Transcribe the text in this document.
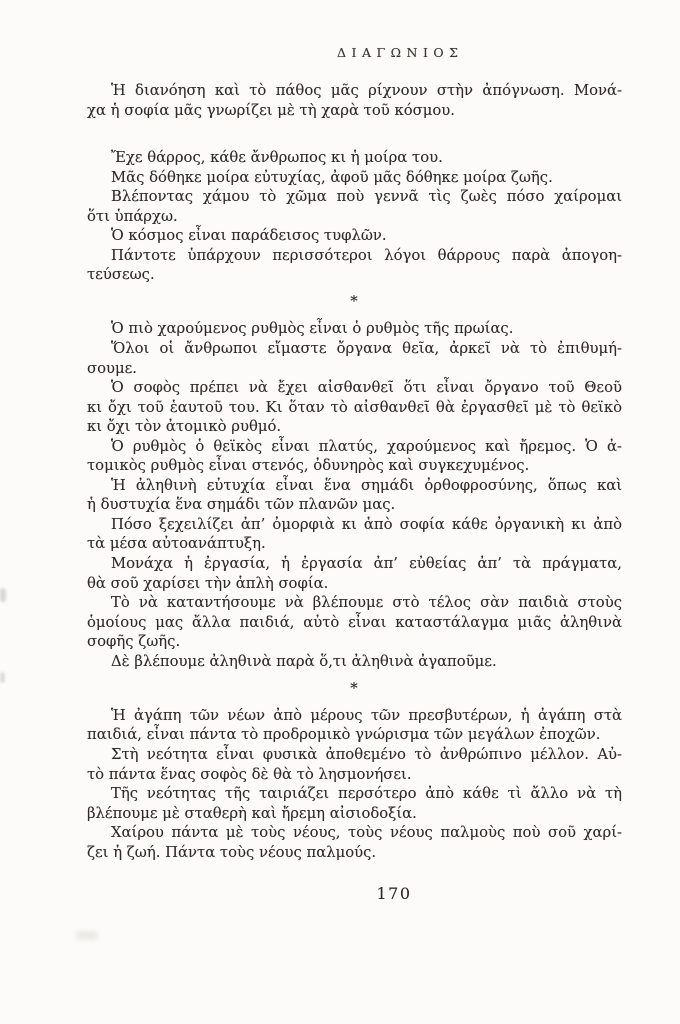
ΔΙΑΓΩΝΙΟΣ
Ἡ διανόηση καὶ τὸ πάθος μᾶς ρίχνουν στὴν ἀπόγνωση. Μονά-
χα ἡ σοφία μᾶς γνωρίζει μὲ τὴ χαρὰ τοῦ κόσμου.
Ἔχε θάρρος, κάθε ἄνθρωπος κι ἡ μοίρα του.
Μᾶς δόθηκε μοίρα εὐτυχίας, ἀφοῦ μᾶς δόθηκε μοίρα ζωῆς.
Βλέποντας χάμου τὸ χῶμα ποὺ γεννᾶ τὶς ζωὲς πόσο χαίρομαι
ὅτι ὑπάρχω.
Ὁ κόσμος εἶναι παράδεισος τυφλῶν.
Πάντοτε ὑπάρχουν περισσότεροι λόγοι θάρρους παρὰ ἀπογοη-
τεύσεως.
*
Ὁ πιὸ χαρούμενος ρυθμὸς εἶναι ὁ ρυθμὸς τῆς πρωίας.
Ὅλοι οἱ ἄνθρωποι εἴμαστε ὄργανα θεῖα, ἀρκεῖ νὰ τὸ ἐπιθυμή-
σουμε.
Ὁ σοφὸς πρέπει νὰ ἔχει αἰσθανθεῖ ὅτι εἶναι ὄργανο τοῦ Θεοῦ
κι ὄχι τοῦ ἑαυτοῦ του. Κι ὅταν τὸ αἰσθανθεῖ θὰ ἐργασθεῖ μὲ τὸ θεϊκὸ
κι ὄχι τὸν ἀτομικὸ ρυθμό.
Ὁ ρυθμὸς ὁ θεϊκὸς εἶναι πλατύς, χαρούμενος καὶ ἤρεμος. Ὁ ἀ-
τομικὸς ρυθμὸς εἶναι στενός, ὀδυνηρὸς καὶ συγκεχυμένος.
Ἡ ἀληθινὴ εὐτυχία εἶναι ἕνα σημάδι ὀρθοφροσύνης, ὅπως καὶ
ἡ δυστυχία ἕνα σημάδι τῶν πλανῶν μας.
Πόσο ξεχειλίζει ἀπ’ ὀμορφιὰ κι ἀπὸ σοφία κάθε ὀργανικὴ κι ἀπὸ
τὰ μέσα αὐτοανάπτυξη.
Μονάχα ἡ ἐργασία, ἡ ἐργασία ἀπ’ εὐθείας ἀπ’ τὰ πράγματα,
θὰ σοῦ χαρίσει τὴν ἁπλὴ σοφία.
Τὸ νὰ καταντήσουμε νὰ βλέπουμε στὸ τέλος σὰν παιδιὰ στοὺς
ὁμοίους μας ἄλλα παιδιά, αὐτὸ εἶναι καταστάλαγμα μιᾶς ἀληθινὰ
σοφῆς ζωῆς.
Δὲ βλέπουμε ἀληθινὰ παρὰ ὅ,τι ἀληθινὰ ἀγαποῦμε.
*
Ἡ ἀγάπη τῶν νέων ἀπὸ μέρους τῶν πρεσβυτέρων, ἡ ἀγάπη στὰ
παιδιά, εἶναι πάντα τὸ προδρομικὸ γνώρισμα τῶν μεγάλων ἐποχῶν.
Στὴ νεότητα εἶναι φυσικὰ ἀποθεμένο τὸ ἀνθρώπινο μέλλον. Αὐ-
τὸ πάντα ἕνας σοφὸς δὲ θὰ τὸ λησμονήσει.
Τῆς νεότητας τῆς ταιριάζει περσότερο ἀπὸ κάθε τὶ ἄλλο νὰ τὴ
βλέπουμε μὲ σταθερὴ καὶ ἤρεμη αἰσιοδοξία.
Χαίρου πάντα μὲ τοὺς νέους, τοὺς νέους παλμοὺς ποὺ σοῦ χαρί-
ζει ἡ ζωή. Πάντα τοὺς νέους παλμούς.
170
